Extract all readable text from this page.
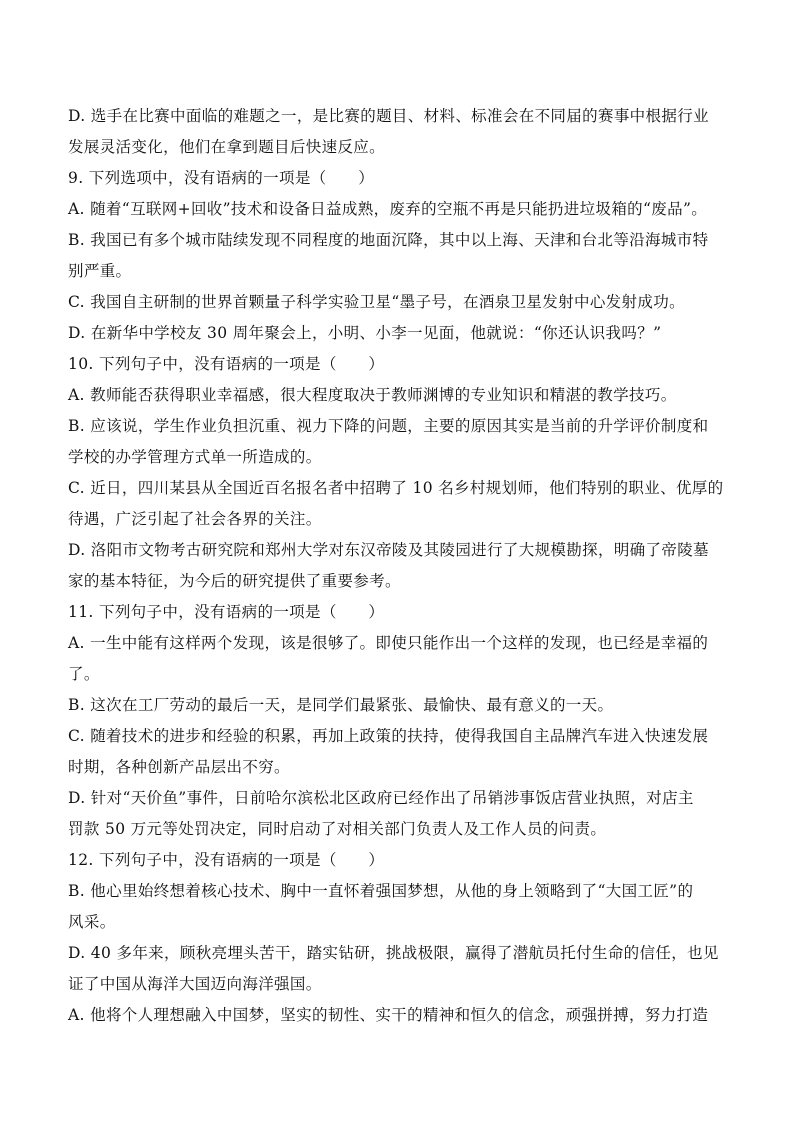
D. 选手在比赛中面临的难题之一，是比赛的题目、材料、标准会在不同届的赛事中根据行业
发展灵活变化，他们在拿到题目后快速反应。
9. 下列选项中，没有语病的一项是（　　）
A. 随着“互联网+回收”技术和设备日益成熟，废弃的空瓶不再是只能扔进垃圾箱的“废品”。
B. 我国已有多个城市陆续发现不同程度的地面沉降，其中以上海、天津和台北等沿海城市特
别严重。
C. 我国自主研制的世界首颗量子科学实验卫星“墨子号，在酒泉卫星发射中心发射成功。
D. 在新华中学校友 30 周年聚会上，小明、小李一见面，他就说：“你还认识我吗？”
10. 下列句子中，没有语病的一项是（　　）
A. 教师能否获得职业幸福感，很大程度取决于教师渊博的专业知识和精湛的教学技巧。
B. 应该说，学生作业负担沉重、视力下降的问题，主要的原因其实是当前的升学评价制度和
学校的办学管理方式单一所造成的。
C. 近日，四川某县从全国近百名报名者中招聘了 10 名乡村规划师，他们特别的职业、优厚的
待遇，广泛引起了社会各界的关注。
D. 洛阳市文物考古研究院和郑州大学对东汉帝陵及其陵园进行了大规模勘探，明确了帝陵墓
家的基本特征，为今后的研究提供了重要参考。
11. 下列句子中，没有语病的一项是（　　）
A. 一生中能有这样两个发现，该是很够了。即使只能作出一个这样的发现，也已经是幸福的
了。
B. 这次在工厂劳动的最后一天，是同学们最紧张、最愉快、最有意义的一天。
C. 随着技术的进步和经验的积累，再加上政策的扶持，使得我国自主品牌汽车进入快速发展
时期，各种创新产品层出不穷。
D. 针对“天价鱼”事件，日前哈尔滨松北区政府已经作出了吊销涉事饭店营业执照，对店主
罚款 50 万元等处罚决定，同时启动了对相关部门负责人及工作人员的问责。
12. 下列句子中，没有语病的一项是（　　）
B. 他心里始终想着核心技术、胸中一直怀着强国梦想，从他的身上领略到了“大国工匠”的
风采。
D. 40 多年来，顾秋亮埋头苦干，踏实钻研，挑战极限，赢得了潜航员托付生命的信任，也见
证了中国从海洋大国迈向海洋强国。
A. 他将个人理想融入中国梦，坚实的韧性、实干的精神和恒久的信念，顽强拼搏，努力打造
